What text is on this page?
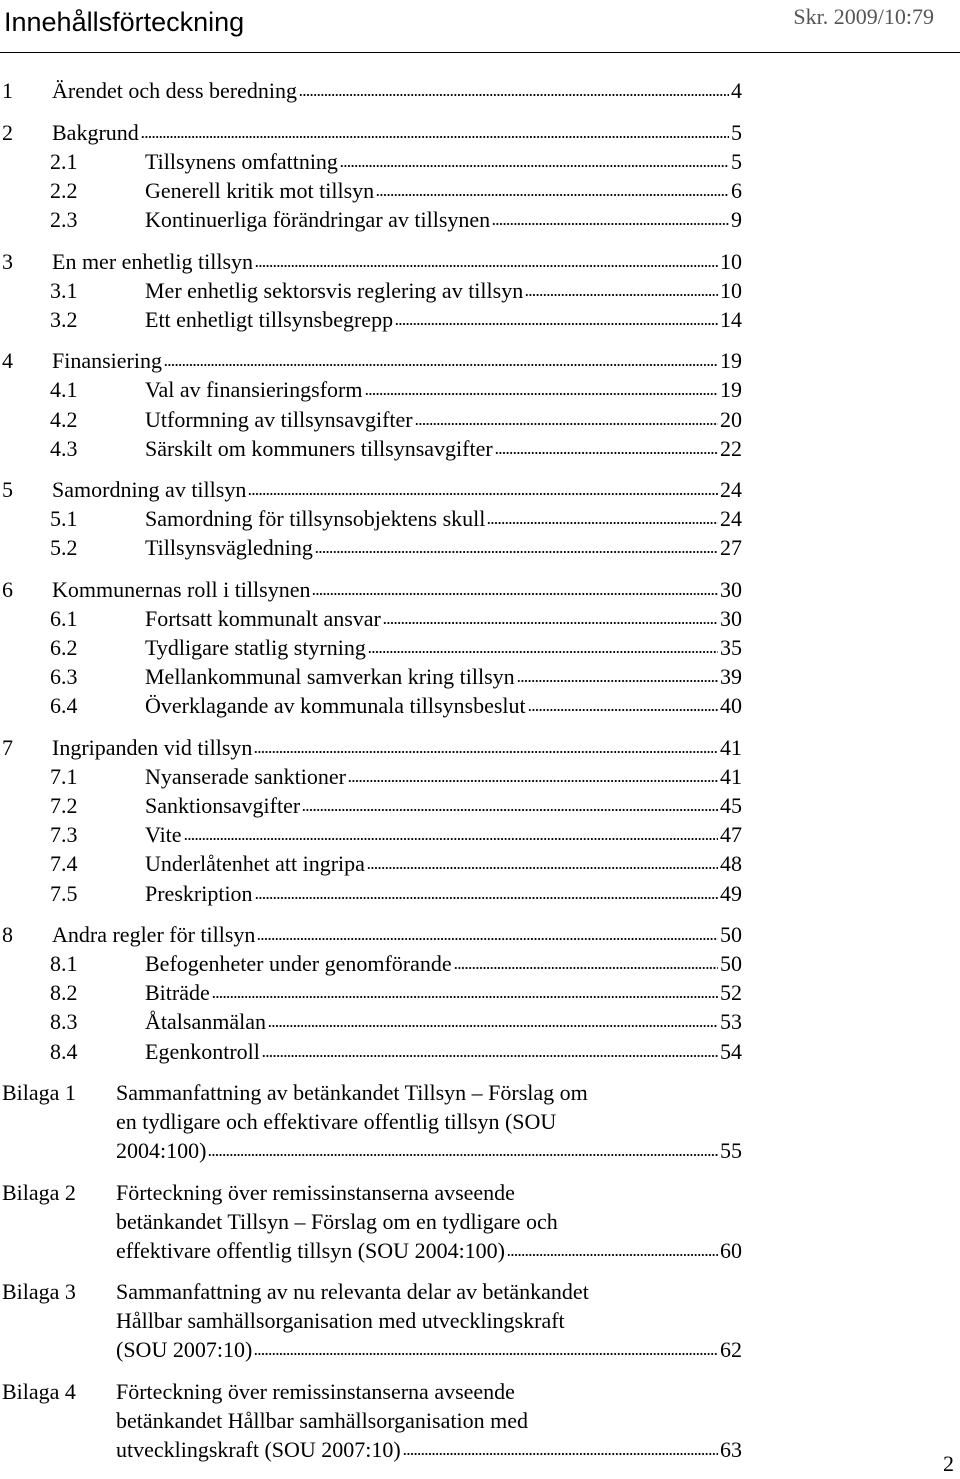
Innehållsförteckning	Skr. 2009/10:79
1 Ärendet och dess beredning	4
2 Bakgrund	5
2.1	Tillsynens omfattning	5
2.2	Generell kritik mot tillsyn	6
2.3	Kontinuerliga förändringar av tillsynen	9
3 En mer enhetlig tillsyn	10
3.1	Mer enhetlig sektorsvis reglering av tillsyn	10
3.2	Ett enhetligt tillsynsbegrepp	14
4 Finansiering	19
4.1	Val av finansieringsform	19
4.2	Utformning av tillsynsavgifter	20
4.3	Särskilt om kommuners tillsynsavgifter	22
5 Samordning av tillsyn	24
5.1	Samordning för tillsynsobjektens skull	24
5.2	Tillsynsvägledning	27
6 Kommunernas roll i tillsynen	30
6.1	Fortsatt kommunalt ansvar	30
6.2	Tydligare statlig styrning	35
6.3	Mellankommunal samverkan kring tillsyn	39
6.4	Överklagande av kommunala tillsynsbeslut	40
7 Ingripanden vid tillsyn	41
7.1	Nyanserade sanktioner	41
7.2	Sanktionsavgifter	45
7.3	Vite	47
7.4	Underlåtenhet att ingripa	48
7.5	Preskription	49
8 Andra regler för tillsyn	50
8.1	Befogenheter under genomförande	50
8.2	Biträde	52
8.3	Åtalsanmälan	53
8.4	Egenkontroll	54
Bilaga 1 Sammanfattning av betänkandet Tillsyn – Förslag om
en tydligare och effektivare offentlig tillsyn (SOU
2004:100)	55
Bilaga 2 Förteckning över remissinstanserna avseende
betänkandet Tillsyn – Förslag om en tydligare och
effektivare offentlig tillsyn (SOU 2004:100)	60
Bilaga 3 Sammanfattning av nu relevanta delar av betänkandet
Hållbar samhällsorganisation med utvecklingskraft
(SOU 2007:10)	62
Bilaga 4 Förteckning över remissinstanserna avseende
betänkandet Hållbar samhällsorganisation med
utvecklingskraft (SOU 2007:10)	63
2
